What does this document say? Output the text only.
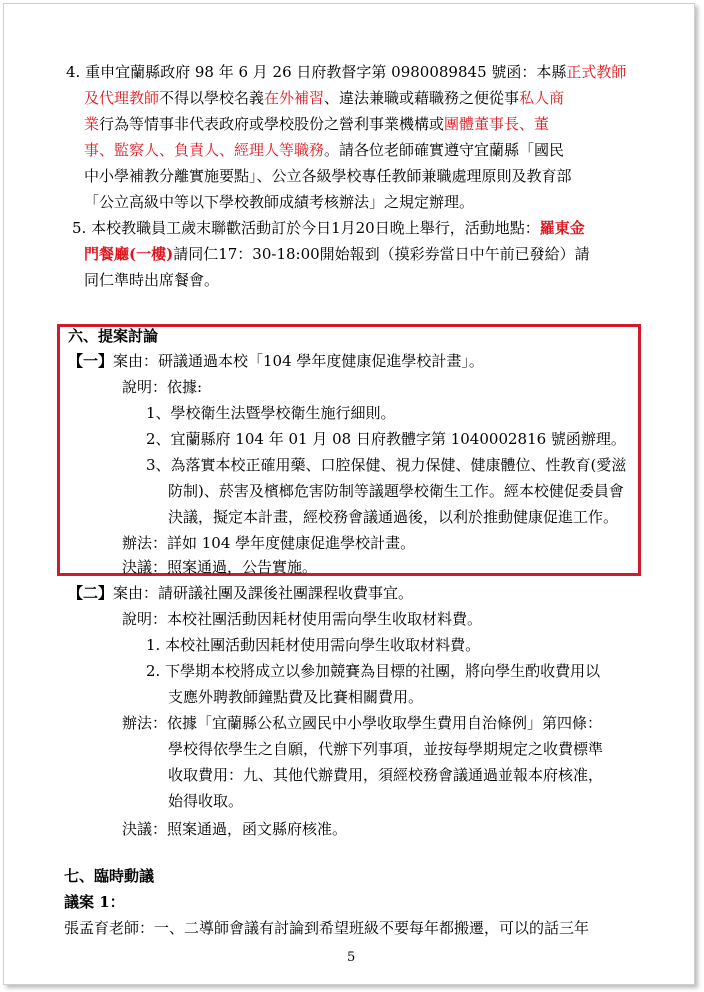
4. 重申宜蘭縣政府 98 年 6 月 26 日府教督字第 0980089845 號函：本縣正式教師
及代理教師不得以學校名義在外補習、違法兼職或藉職務之便從事私人商
業行為等情事非代表政府或學校股份之營利事業機構或團體董事長、董
事、監察人、負責人、經理人等職務。請各位老師確實遵守宜蘭縣「國民
中小學補教分離實施要點」、公立各級學校專任教師兼職處理原則及教育部
「公立高級中等以下學校教師成績考核辦法」之規定辦理。
5. 本校教職員工歲末聯歡活動訂於今日1月20日晚上舉行，活動地點：羅東金
門餐廳(一樓)請同仁17：30-18:00開始報到（摸彩券當日中午前已發給）請
同仁準時出席餐會。
六、提案討論
【一】案由：研議通過本校「104 學年度健康促進學校計畫」。
說明：依據:
1、學校衛生法暨學校衛生施行細則。
2、宜蘭縣府 104 年 01 月 08 日府教體字第 1040002816 號函辦理。
3、為落實本校正確用藥、口腔保健、視力保健、健康體位、性教育(愛滋
防制)、菸害及檳榔危害防制等議題學校衛生工作。經本校健促委員會
決議，擬定本計畫，經校務會議通過後，以利於推動健康促進工作。
辦法：詳如 104 學年度健康促進學校計畫。
決議：照案通過，公告實施。
【二】案由：請研議社團及課後社團課程收費事宜。
說明：本校社團活動因耗材使用需向學生收取材料費。
1. 本校社團活動因耗材使用需向學生收取材料費。
2. 下學期本校將成立以參加競賽為目標的社團，將向學生酌收費用以
支應外聘教師鐘點費及比賽相關費用。
辦法：依據「宜蘭縣公私立國民中小學收取學生費用自治條例」第四條：
學校得依學生之自願，代辦下列事項，並按每學期規定之收費標準
收取費用：九、其他代辦費用，須經校務會議通過並報本府核准，
始得收取。
決議：照案通過，函文縣府核准。
七、臨時動議
議案 1：
張孟育老師：一、二導師會議有討論到希望班級不要每年都搬遷，可以的話三年
5
